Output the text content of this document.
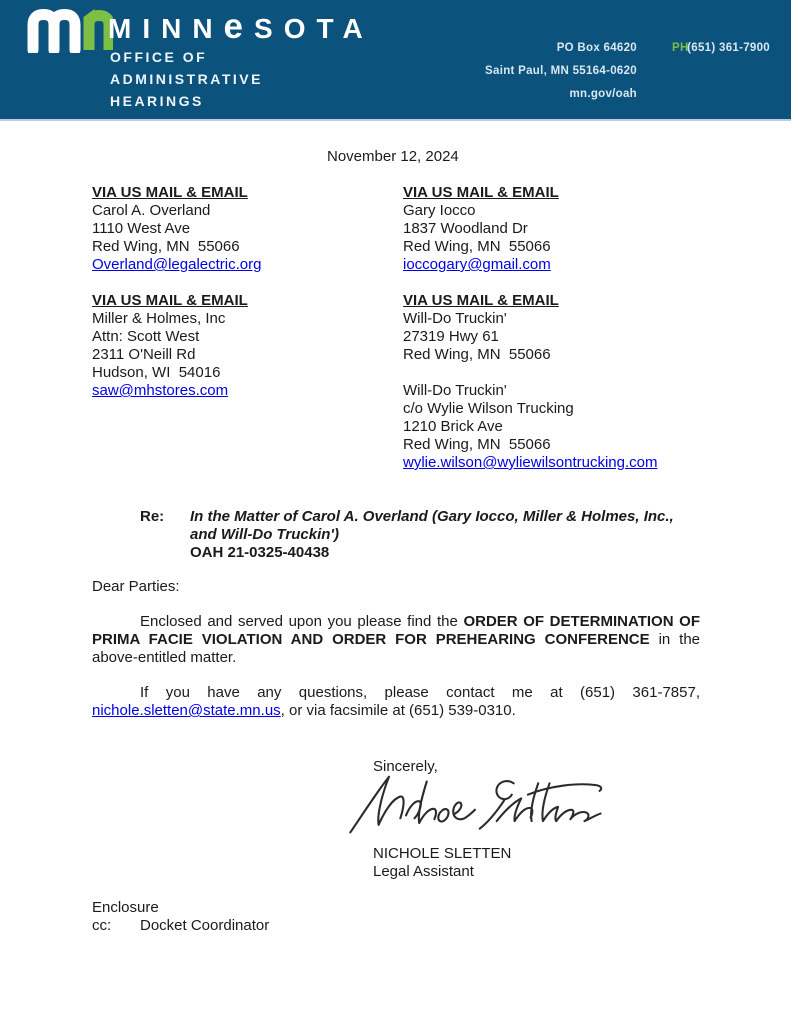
MINNeSOTA
OFFICE OF
ADMINISTRATIVE
HEARINGS
PO Box 64620	PH
(651) 361-7900
Saint Paul, MN 55164-0620
mn.gov/oah
November 12, 2024
VIA US MAIL & EMAIL
Carol A. Overland
1110 West Ave
Red Wing, MN  55066
Overland@legalectric.org
VIA US MAIL & EMAIL
Miller & Holmes, Inc
Attn: Scott West
2311 O'Neill Rd
Hudson, WI  54016
saw@mhstores.com
VIA US MAIL & EMAIL
Gary Iocco
1837 Woodland Dr
Red Wing, MN  55066
ioccogary@gmail.com
VIA US MAIL & EMAIL
Will-Do Truckin'
27319 Hwy 61
Red Wing, MN  55066
Will-Do Truckin'
c/o Wylie Wilson Trucking
1210 Brick Ave
Red Wing, MN  55066
wylie.wilson@wyliewilsontrucking.com
Re:	In the Matter of Carol A. Overland (Gary Iocco, Miller & Holmes, Inc., and Will-Do Truckin')
OAH 21-0325-40438
Dear Parties:

Enclosed and served upon you please find the ORDER OF DETERMINATION OF PRIMA FACIE VIOLATION AND ORDER FOR PREHEARING CONFERENCE in the above-entitled matter.

If you have any questions, please contact me at (651) 361-7857, nichole.sletten@state.mn.us, or via facsimile at (651) 539-0310.

Sincerely,
NICHOLE SLETTEN
Legal Assistant
Enclosure
cc:	Docket Coordinator
